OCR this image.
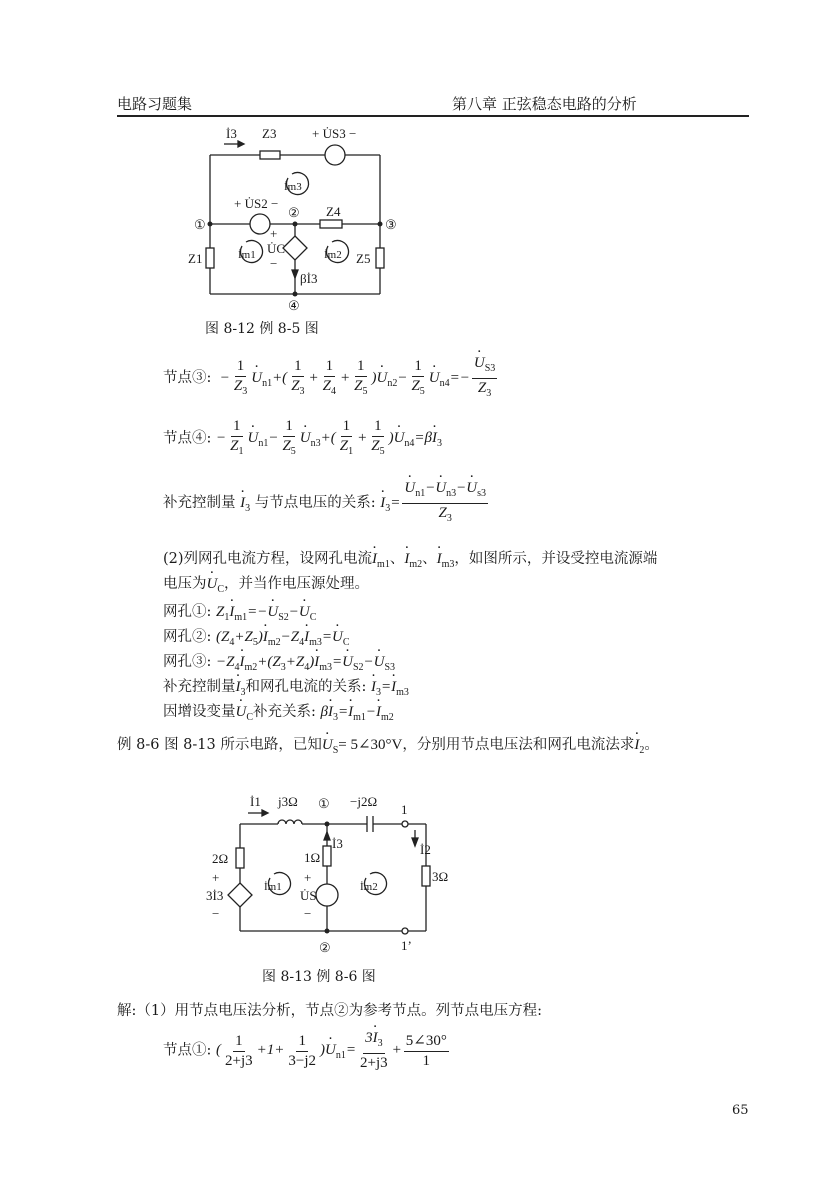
电路习题集	第八章 正弦稳态电路的分析
İ3 Z3	+ U̇S3 −
İm3
+ U̇S2 −
Z4
①
②
③
④
Z1	İm1
+
U̇C
−
İm2 Z5
βİ3
图 8-12 例 8-5 图
节点③:  − $\frac{1}{Z_3}$
· $U_{n1}+( \frac{1}{Z_3} + \frac{1}{Z_4} + \frac{1}{Z_5}$ )· $U_{n2}- \frac{1}{Z_5}$
· $U_{n4}=-$
· $\frac{U_{S3}}{Z_3}$
节点④: − $\frac{1}{Z_1}$
· $U_{n1}- \frac{1}{Z_5}$
· $U_{n3}+( \frac{1}{Z_1} + \frac{1}{Z_5}$ )· $U_{n4}=\beta\cdot I_3$
补充控制量 · $I_3$ 与节点电压的关系: · $I_3=$
· $\frac{U_{n1}-\cdot U_{n3}-\cdot U_{s3}}{Z_3}$
(2)列网孔电流方程，设网孔电流· $I_{m1}$、· $I_{m2}$、· $I_{m3}$，如图所示，并设受控电流源端
电压为· $U_C$，并当作电压源处理。
网孔①: $Z_1\cdot I_{m1}=-\cdot U_{S2}-\cdot U_C$
网孔②: $(Z_4+Z_5)\cdot I_{m2}-Z_4\cdot I_{m3}=\cdot U_C$
网孔③: $-Z_4\cdot I_{m2}+(Z_3+Z_4)\cdot I_{m3}=\cdot U_{S2}-\cdot U_{S3}$
补充控制量· $I_3$和网孔电流的关系: · $I_3=\cdot I_{m3}$
因增设变量· $U_C$补充关系: $\beta\cdot I_3=\cdot I_{m1}-\cdot I_{m2}$
例 8-6 图 8-13 所示电路，已知· $U_S=$ 5∠30°V，分别用节点电压法和网孔电流法求· $I_2$。
İ1 j3Ω ① −j2Ω
1
2Ω	1Ω
İ3	İ2
İm1	İm2
3Ω
+
3İ3
−
+
U̇S
−
②	1’
图 8-13 例 8-6 图
解:（1）用节点电压法分析，节点②为参考节点。列节点电压方程:
节点①: ( $\frac{1}{2+j3} +1+ \frac{1}{3-j2}$ )· $U_{n1}= \frac{3\cdot I_3}{2+j3} + \frac{5\angle 30^\circ}{1}$
65
